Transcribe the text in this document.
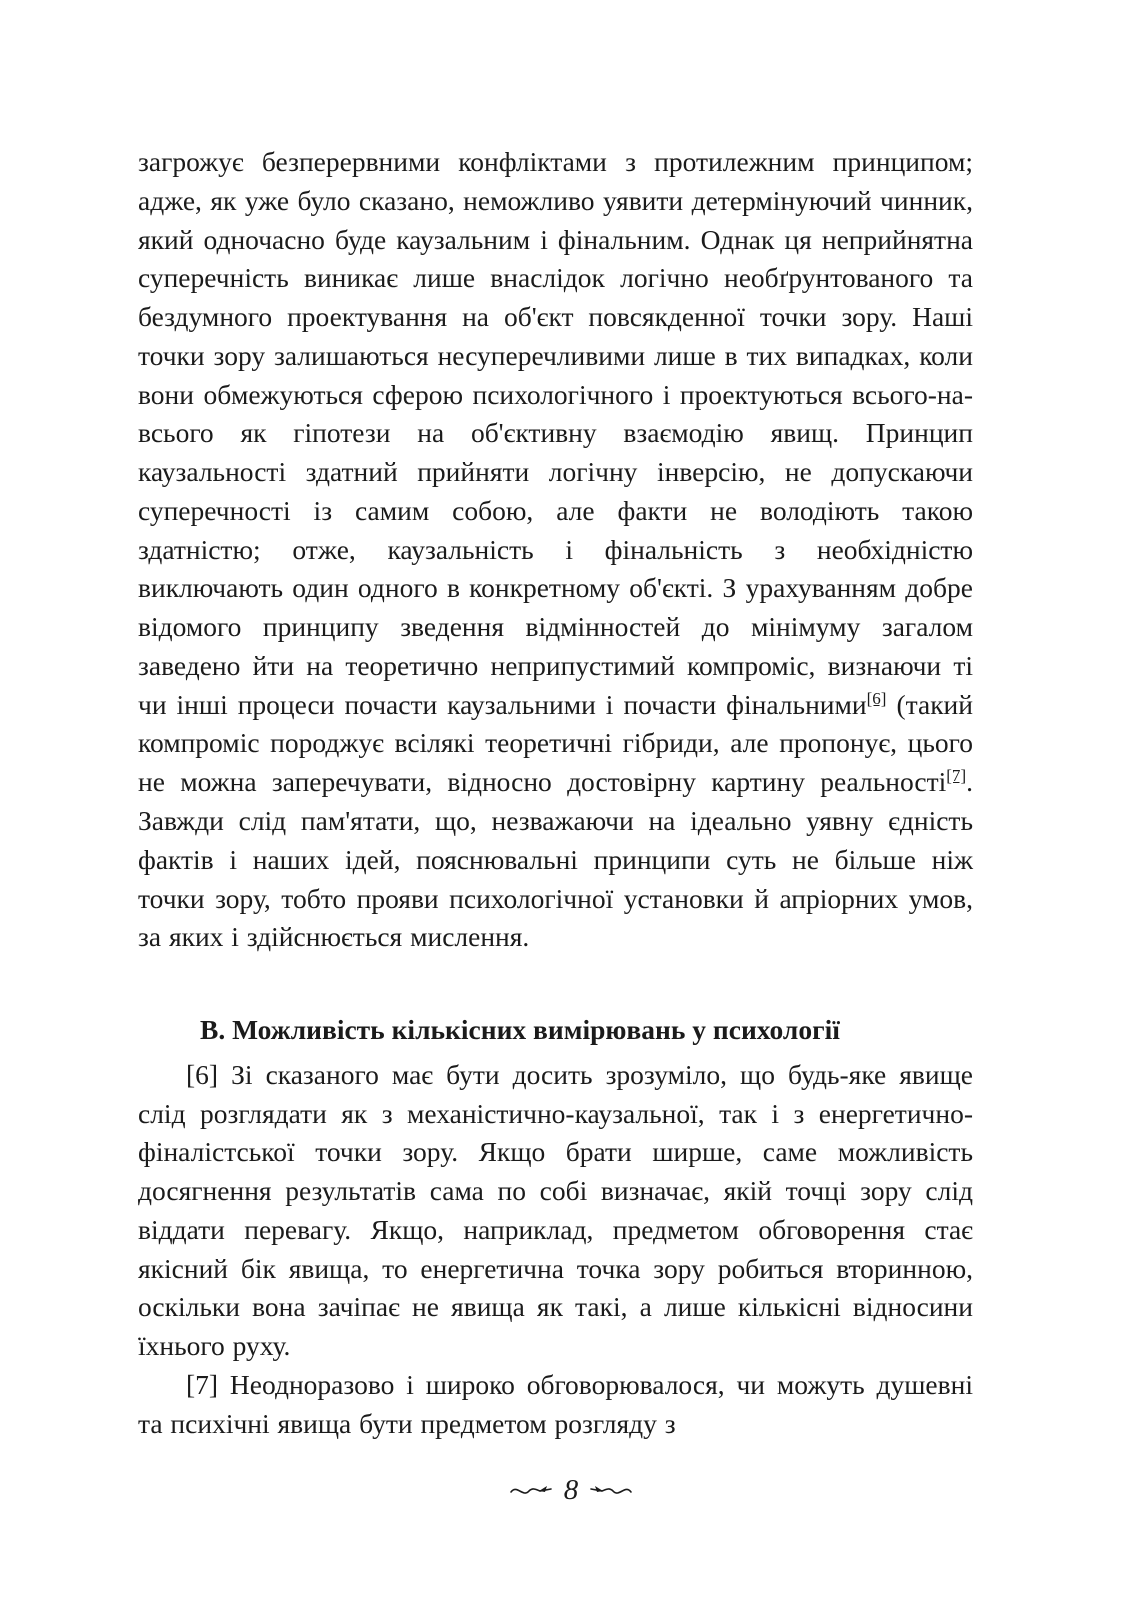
загрожує безперервними конфліктами з протилежним принципом; адже, як уже було сказано, неможливо уявити детермінуючий чинник, який одночасно буде каузальним і фінальним. Однак ця неприйнятна суперечність виникає лише внаслідок логічно необґрунтованого та бездумного проектування на об'єкт повсякденної точки зору. Наші точки зору залишаються несуперечливими лише в тих випадках, коли вони обмежуються сферою психологічного і проектуються всього-на-всього як гіпотези на об'єктивну взаємодію явищ. Принцип каузальності здатний прийняти логічну інверсію, не допускаючи суперечності із самим собою, але факти не володіють такою здатністю; отже, каузальність і фінальність з необхідністю виключають один одного в конкретному об'єкті. З урахуванням добре відомого принципу зведення відмінностей до мінімуму загалом заведено йти на теоретично неприпустимий компроміс, визнаючи ті чи інші процеси почасти каузальними і почасти фінальними[6] (такий компроміс породжує всілякі теоретичні гібриди, але пропонує, цього не можна заперечувати, відносно достовірну картину реальності[7]. Завжди слід пам'ятати, що, незважаючи на ідеально уявну єдність фактів і наших ідей, пояснювальні принципи суть не більше ніж точки зору, тобто прояви психологічної установки й апріорних умов, за яких і здійснюється мислення.

В. Можливість кількісних вимірювань у психології

[6] Зі сказаного має бути досить зрозуміло, що будь-яке явище слід розглядати як з механістично-каузальної, так і з енергетично-фіналістської точки зору. Якщо брати ширше, саме можливість досягнення результатів сама по собі визначає, якій точці зору слід віддати перевагу. Якщо, наприклад, предметом обговорення стає якісний бік явища, то енергетична точка зору робиться вторинною, оскільки вона зачіпає не явища як такі, а лише кількісні відносини їхнього руху.

[7] Неодноразово і широко обговорювалося, чи можуть душевні та психічні явища бути предметом розгляду з

8
